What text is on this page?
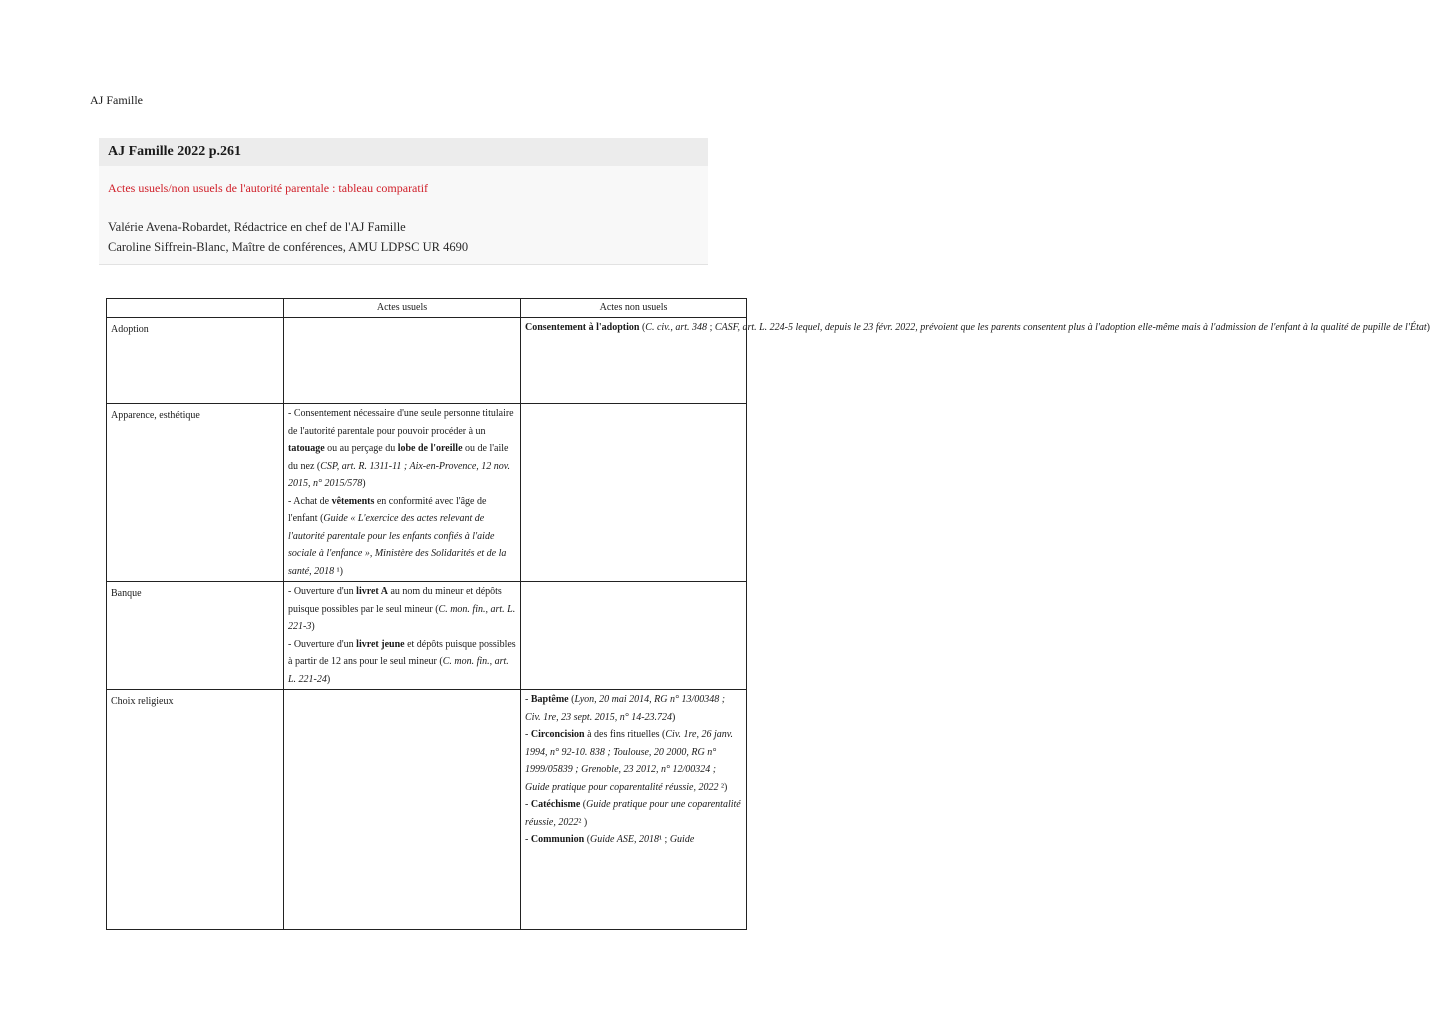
AJ Famille
AJ Famille 2022 p.261
Actes usuels/non usuels de l'autorité parentale : tableau comparatif
Valérie Avena-Robardet, Rédactrice en chef de l'AJ Famille
Caroline Siffrein-Blanc, Maître de conférences, AMU LDPSC UR 4690
	Actes usuels	Actes non usuels
Adoption		Consentement à l'adoption (C. civ., art. 348 ; CASF, art. L. 224-5 lequel, depuis le 23 févr. 2022, prévoient que les parents consentent plus à l'adoption elle-même mais à l'admission de l'enfant à la qualité de pupille de l'État)

Apparence, esthétique	- Consentement nécessaire d'une seule personne titulaire de l'autorité parentale pour pouvoir procéder à un tatouage ou au perçage du lobe de l'oreille ou de l'aile du nez (CSP, art. R. 1311-11 ; Aix-en-Provence, 12 nov. 2015, n° 2015/578)
- Achat de vêtements en conformité avec l'âge de l'enfant (Guide « L'exercice des actes relevant de l'autorité parentale pour les enfants confiés à l'aide sociale à l'enfance », Ministère des Solidarités et de la santé, 2018 ¹)	

Banque	- Ouverture d'un livret A au nom du mineur et dépôts puisque possibles par le seul mineur (C. mon. fin., art. L. 221-3)
- Ouverture d'un livret jeune et dépôts puisque possibles à partir de 12 ans pour le seul mineur (C. mon. fin., art. L. 221-24)	

Choix religieux		- Baptême (Lyon, 20 mai 2014, RG n° 13/00348 ; Civ. 1re, 23 sept. 2015, n° 14-23.724)
- Circoncision à des fins rituelles (Civ. 1re, 26 janv. 1994, n° 92-10. 838 ; Toulouse, 20 2000, RG n° 1999/05839 ; Grenoble, 23 2012, n° 12/00324 ; Guide pratique pour coparentalité réussie, 2022 ²)
- Catéchisme (Guide pratique pour une coparentalité réussie, 2022² )
- Communion (Guide ASE, 2018¹ ; Guide
